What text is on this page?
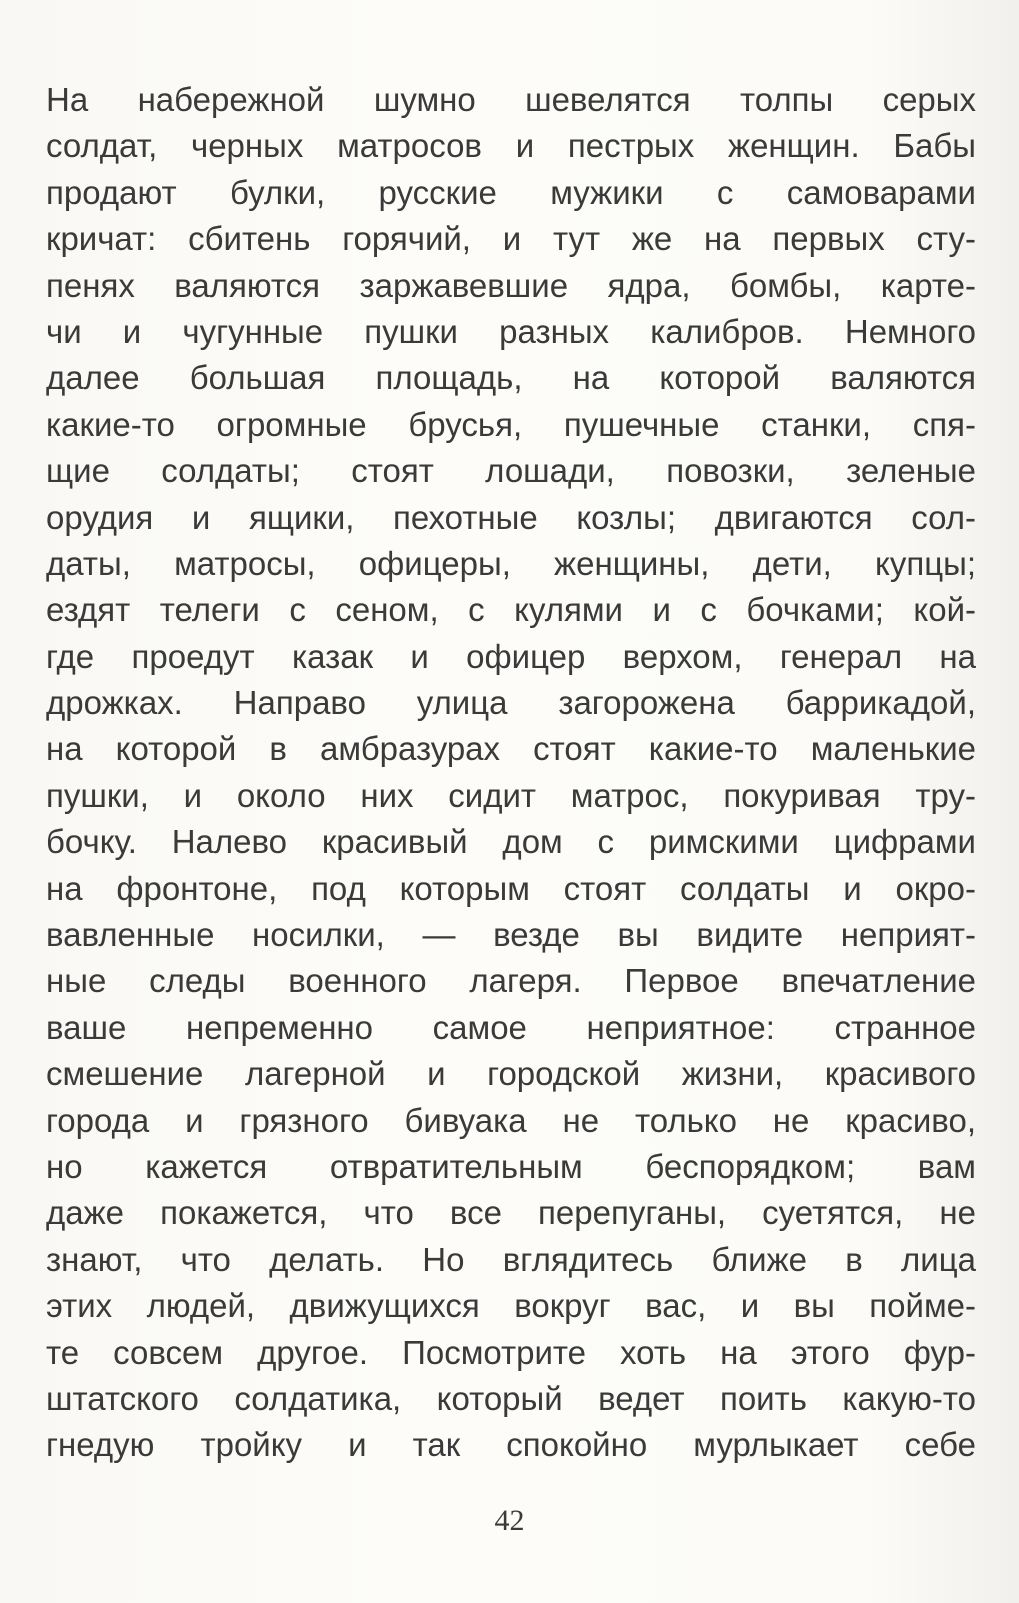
На набережной шумно шевелятся толпы серых
солдат, черных матросов и пестрых женщин. Бабы
продают булки, русские мужики с самоварами
кричат: сбитень горячий, и тут же на первых сту-
пенях валяются заржавевшие ядра, бомбы, карте-
чи и чугунные пушки разных калибров. Немного
далее большая площадь, на которой валяются
какие-то огромные брусья, пушечные станки, спя-
щие солдаты; стоят лошади, повозки, зеленые
орудия и ящики, пехотные козлы; двигаются сол-
даты, матросы, офицеры, женщины, дети, купцы;
ездят телеги с сеном, с кулями и с бочками; кой-
где проедут казак и офицер верхом, генерал на
дрожках. Направо улица загорожена баррикадой,
на которой в амбразурах стоят какие-то маленькие
пушки, и около них сидит матрос, покуривая тру-
бочку. Налево красивый дом с римскими цифрами
на фронтоне, под которым стоят солдаты и окро-
вавленные носилки, — везде вы видите неприят-
ные следы военного лагеря. Первое впечатление
ваше непременно самое неприятное: странное
смешение лагерной и городской жизни, красивого
города и грязного бивуака не только не красиво,
но кажется отвратительным беспорядком; вам
даже покажется, что все перепуганы, суетятся, не
знают, что делать. Но вглядитесь ближе в лица
этих людей, движущихся вокруг вас, и вы пойме-
те совсем другое. Посмотрите хоть на этого фур-
штатского солдатика, который ведет поить какую-то
гнедую тройку и так спокойно мурлыкает себе
42
